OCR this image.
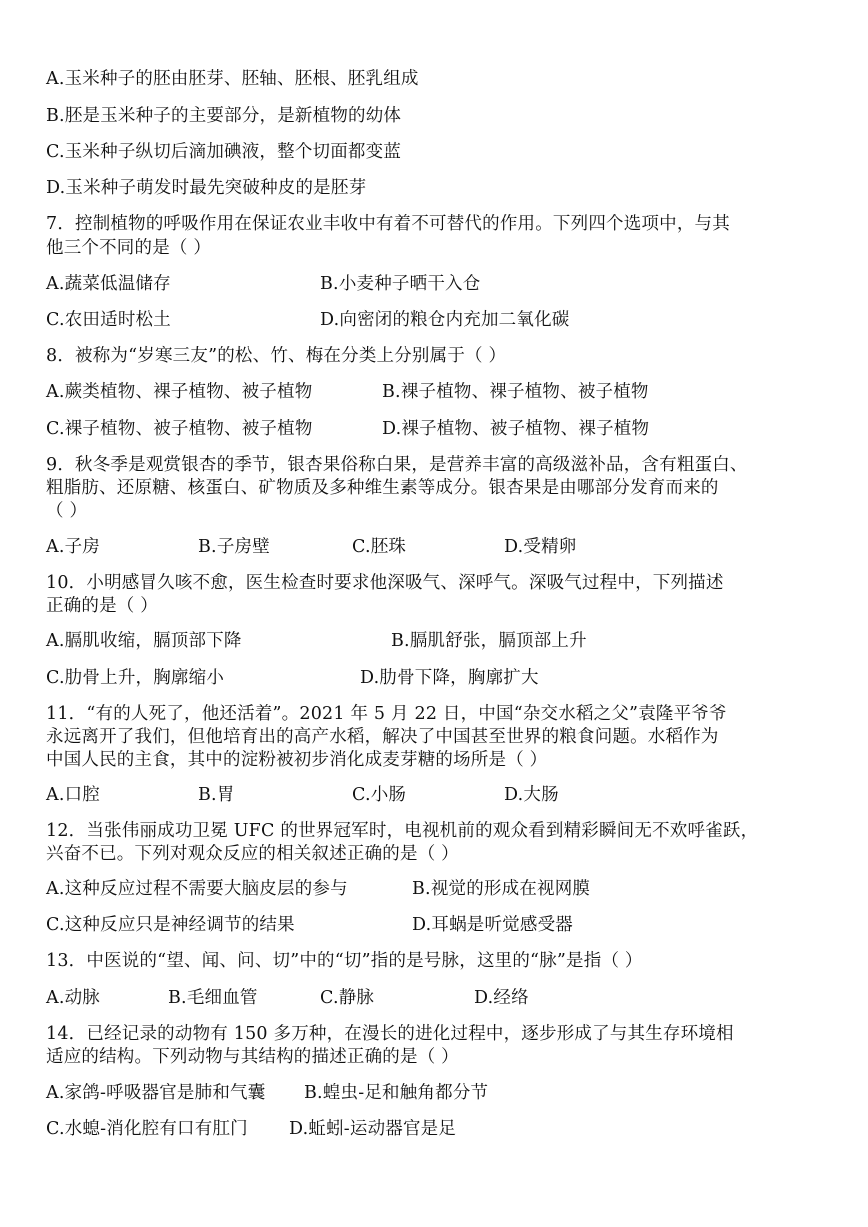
A.玉米种子的胚由胚芽、胚轴、胚根、胚乳组成
B.胚是玉米种子的主要部分，是新植物的幼体
C.玉米种子纵切后滴加碘液，整个切面都变蓝
D.玉米种子萌发时最先突破种皮的是胚芽
7．控制植物的呼吸作用在保证农业丰收中有着不可替代的作用。下列四个选项中，与其
他三个不同的是（ ）
A.蔬菜低温储存	B.小麦种子晒干入仓
C.农田适时松土	D.向密闭的粮仓内充加二氧化碳
8．被称为“岁寒三友”的松、竹、梅在分类上分别属于（ ）
A.蕨类植物、裸子植物、被子植物	B.裸子植物、裸子植物、被子植物
C.裸子植物、被子植物、被子植物	D.裸子植物、被子植物、裸子植物
9．秋冬季是观赏银杏的季节，银杏果俗称白果，是营养丰富的高级滋补品，含有粗蛋白、
粗脂肪、还原糖、核蛋白、矿物质及多种维生素等成分。银杏果是由哪部分发育而来的
（ ）
A.子房	B.子房壁	C.胚珠	D.受精卵
10．小明感冒久咳不愈，医生检查时要求他深吸气、深呼气。深吸气过程中，下列描述
正确的是（ ）
A.膈肌收缩，膈顶部下降	B.膈肌舒张，膈顶部上升
C.肋骨上升，胸廓缩小	D.肋骨下降，胸廓扩大
11．“有的人死了，他还活着”。2021 年 5 月 22 日，中国“杂交水稻之父”袁隆平爷爷
永远离开了我们，但他培育出的高产水稻，解决了中国甚至世界的粮食问题。水稻作为
中国人民的主食，其中的淀粉被初步消化成麦芽糖的场所是（ ）
A.口腔	B.胃	C.小肠	D.大肠
12．当张伟丽成功卫冕 UFC 的世界冠军时，电视机前的观众看到精彩瞬间无不欢呼雀跃，
兴奋不已。下列对观众反应的相关叙述正确的是（ ）
A.这种反应过程不需要大脑皮层的参与	B.视觉的形成在视网膜
C.这种反应只是神经调节的结果	D.耳蜗是听觉感受器
13．中医说的“望、闻、问、切”中的“切”指的是号脉，这里的“脉”是指（ ）
A.动脉	B.毛细血管	C.静脉	D.经络
14．已经记录的动物有 150 多万种，在漫长的进化过程中，逐步形成了与其生存环境相
适应的结构。下列动物与其结构的描述正确的是（ ）
A.家鸽-呼吸器官是肺和气囊 B.蝗虫-足和触角都分节
C.水螅-消化腔有口有肛门 D.蚯蚓-运动器官是足
